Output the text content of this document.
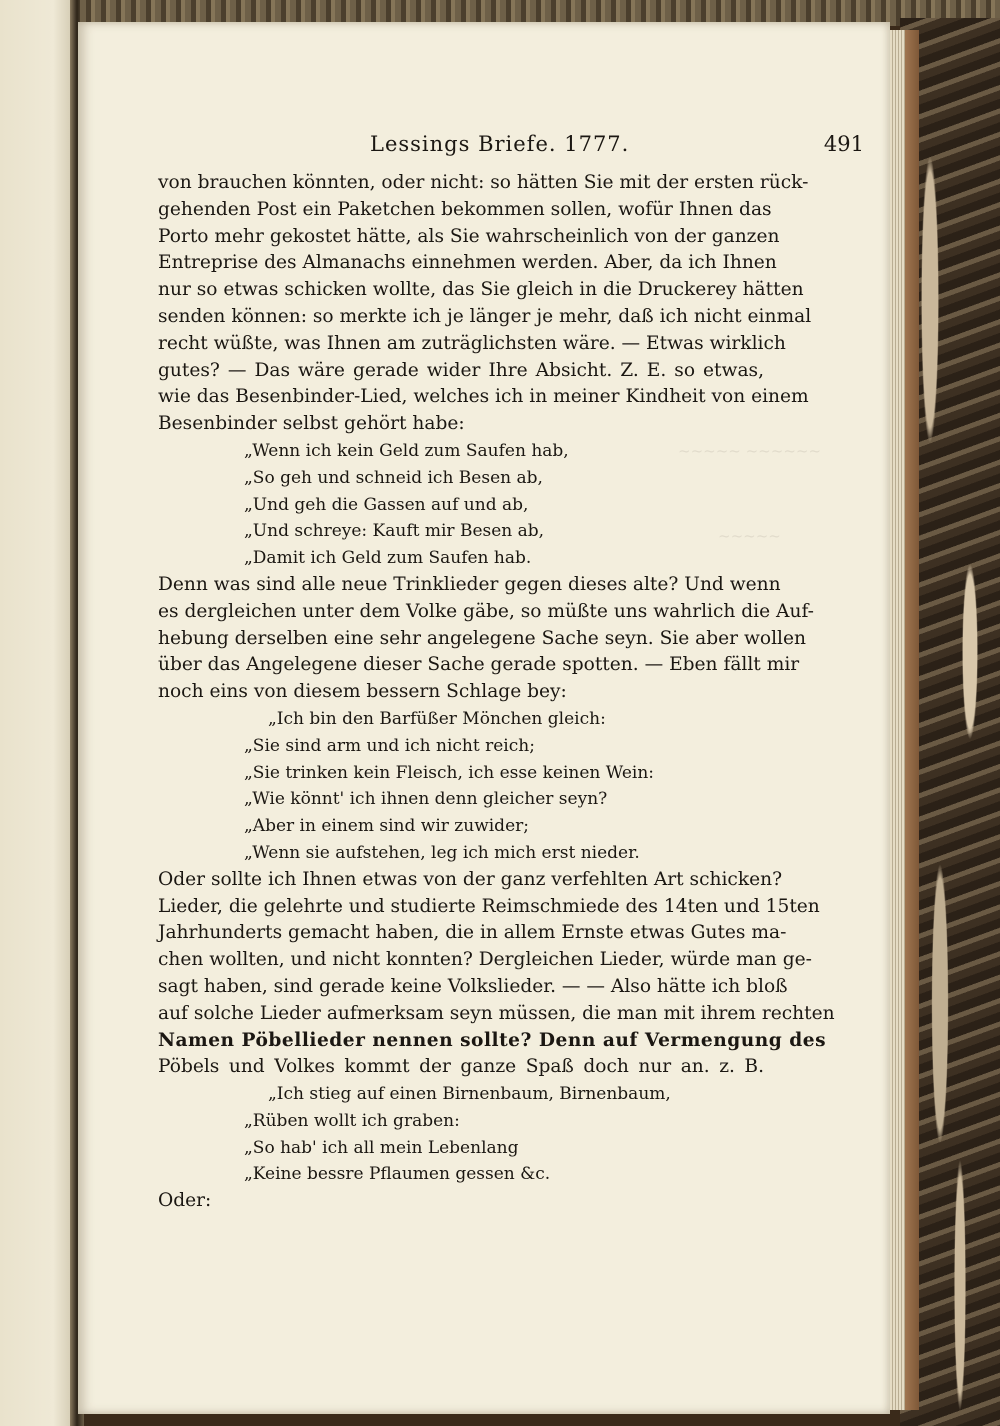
~~~~~ ~~~~~~
~~~~~
Lessings Briefe. 1777.	491
von brauchen könnten, oder nicht: so hätten Sie mit der ersten rück-
gehenden Post ein Paketchen bekommen sollen, wofür Ihnen das
Porto mehr gekostet hätte, als Sie wahrscheinlich von der ganzen
Entreprise des Almanachs einnehmen werden. Aber, da ich Ihnen
nur so etwas schicken wollte, das Sie gleich in die Druckerey hätten
senden können: so merkte ich je länger je mehr, daß ich nicht einmal
recht wüßte, was Ihnen am zuträglichsten wäre. — Etwas wirklich
gutes? — Das wäre gerade wider Ihre Absicht. Z. E. so etwas,
wie das Besenbinder-Lied, welches ich in meiner Kindheit von einem
Besenbinder selbst gehört habe:
„Wenn ich kein Geld zum Saufen hab,
„So geh und schneid ich Besen ab,
„Und geh die Gassen auf und ab,
„Und schreye: Kauft mir Besen ab,
„Damit ich Geld zum Saufen hab.
Denn was sind alle neue Trinklieder gegen dieses alte? Und wenn
es dergleichen unter dem Volke gäbe, so müßte uns wahrlich die Auf-
hebung derselben eine sehr angelegene Sache seyn. Sie aber wollen
über das Angelegene dieser Sache gerade spotten. — Eben fällt mir
noch eins von diesem bessern Schlage bey:
„Ich bin den Barfüßer Mönchen gleich:
„Sie sind arm und ich nicht reich;
„Sie trinken kein Fleisch, ich esse keinen Wein:
„Wie könnt' ich ihnen denn gleicher seyn?
„Aber in einem sind wir zuwider;
„Wenn sie aufstehen, leg ich mich erst nieder.
Oder sollte ich Ihnen etwas von der ganz verfehlten Art schicken?
Lieder, die gelehrte und studierte Reimschmiede des 14ten und 15ten
Jahrhunderts gemacht haben, die in allem Ernste etwas Gutes ma-
chen wollten, und nicht konnten? Dergleichen Lieder, würde man ge-
sagt haben, sind gerade keine Volkslieder. — — Also hätte ich bloß
auf solche Lieder aufmerksam seyn müssen, die man mit ihrem rechten
Namen Pöbellieder nennen sollte? Denn auf Vermengung des
Pöbels und Volkes kommt der ganze Spaß doch nur an. z. B.
„Ich stieg auf einen Birnenbaum, Birnenbaum,
„Rüben wollt ich graben:
„So hab' ich all mein Lebenlang
„Keine bessre Pflaumen gessen &c.
Oder:
